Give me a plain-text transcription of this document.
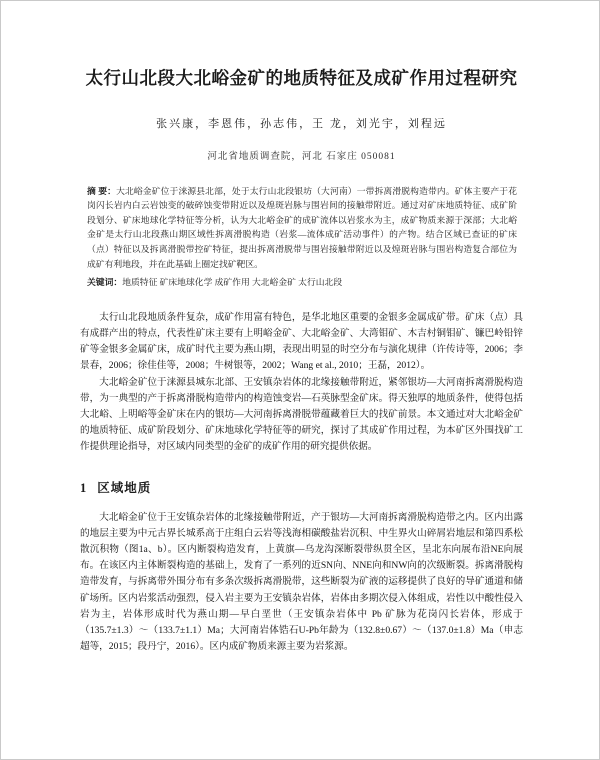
太行山北段大北峪金矿的地质特征及成矿作用过程研究
张兴康，李恩伟，孙志伟，王 龙，刘光宇，刘程远
河北省地质调查院，河北 石家庄 050081
摘 要：大北峪金矿位于涞源县北部，处于太行山北段银坊（大河南）一带拆离滑脱构造带内。矿体主要产于花岗闪长岩内白云岩蚀变的破碎蚀变带附近以及煌斑岩脉与围岩间的接触带附近。通过对矿床地质特征、成矿阶段划分、矿床地球化学特征等分析，认为大北峪金矿的成矿流体以岩浆水为主，成矿物质来源于深部；大北峪金矿是太行山北段燕山期区域性拆离滑脱构造（岩浆—流体成矿活动事件）的产物。结合区域已查证的矿床（点）特征以及拆离滑脱带控矿特征，提出拆离滑脱带与围岩接触带附近以及煌斑岩脉与围岩构造复合部位为成矿有利地段，并在此基础上圈定找矿靶区。
关键词：地质特征 矿床地球化学 成矿作用 大北峪金矿 太行山北段

太行山北段地质条件复杂，成矿作用富有特色，是华北地区重要的金银多金属成矿带。矿床（点）具有成群产出的特点，代表性矿床主要有上明峪金矿、大北峪金矿、大湾钼矿、木吉村铜钼矿、镰巴岭铅锌矿等金银多金属矿床，成矿时代主要为燕山期，表现出明显的时空分布与演化规律（许传诗等，2006；李景春，2006；徐佳佳等，2008；牛树银等，2002；Wang et al., 2010；王磊，2012）。

大北峪金矿位于涞源县城东北部、王安镇杂岩体的北缘接触带附近，紧邻银坊—大河南拆离滑脱构造带，为一典型的产于拆离滑脱构造带内的构造蚀变岩—石英脉型金矿床。得天独厚的地质条件，使得包括大北峪、上明峪等金矿床在内的银坊—大河南拆离滑脱带蕴藏着巨大的找矿前景。本文通过对大北峪金矿的地质特征、成矿阶段划分、矿床地球化学特征等的研究，探讨了其成矿作用过程，为本矿区外围找矿工作提供理论指导，对区域内同类型的金矿的成矿作用的研究提供依据。

1 区域地质

大北峪金矿位于王安镇杂岩体的北缘接触带附近，产于银坊—大河南拆离滑脱构造带之内。区内出露的地层主要为中元古界长城系高于庄组白云岩等浅海相碳酸盐岩沉积、中生界火山碎屑岩地层和第四系松散沉积物（图1a、b）。区内断裂构造发育，上黄旗—乌龙沟深断裂带纵贯全区，呈北东向展布沿NE向展布。在该区内主体断裂构造的基础上，发育了一系列的近SN向、NNE向和NW向的次级断裂。拆离滑脱构造带发育，与拆离带外围分布有多条次级拆离滑脱带，这些断裂为矿液的运移提供了良好的导矿通道和储矿场所。区内岩浆活动强烈，侵入岩主要为王安镇杂岩体，岩体由多期次侵入体组成，岩性以中酸性侵入岩为主，岩体形成时代为燕山期—早白垩世（王安镇杂岩体中 Pb 矿脉为花岗闪长岩体，形成于（135.7±1.3）～（133.7±1.1）Ma；大河南岩体锆石U-Pb年龄为（132.8±0.67）～（137.0±1.8）Ma（申志超等，2015；段丹宁，2016）。区内成矿物质来源主要为岩浆源。
